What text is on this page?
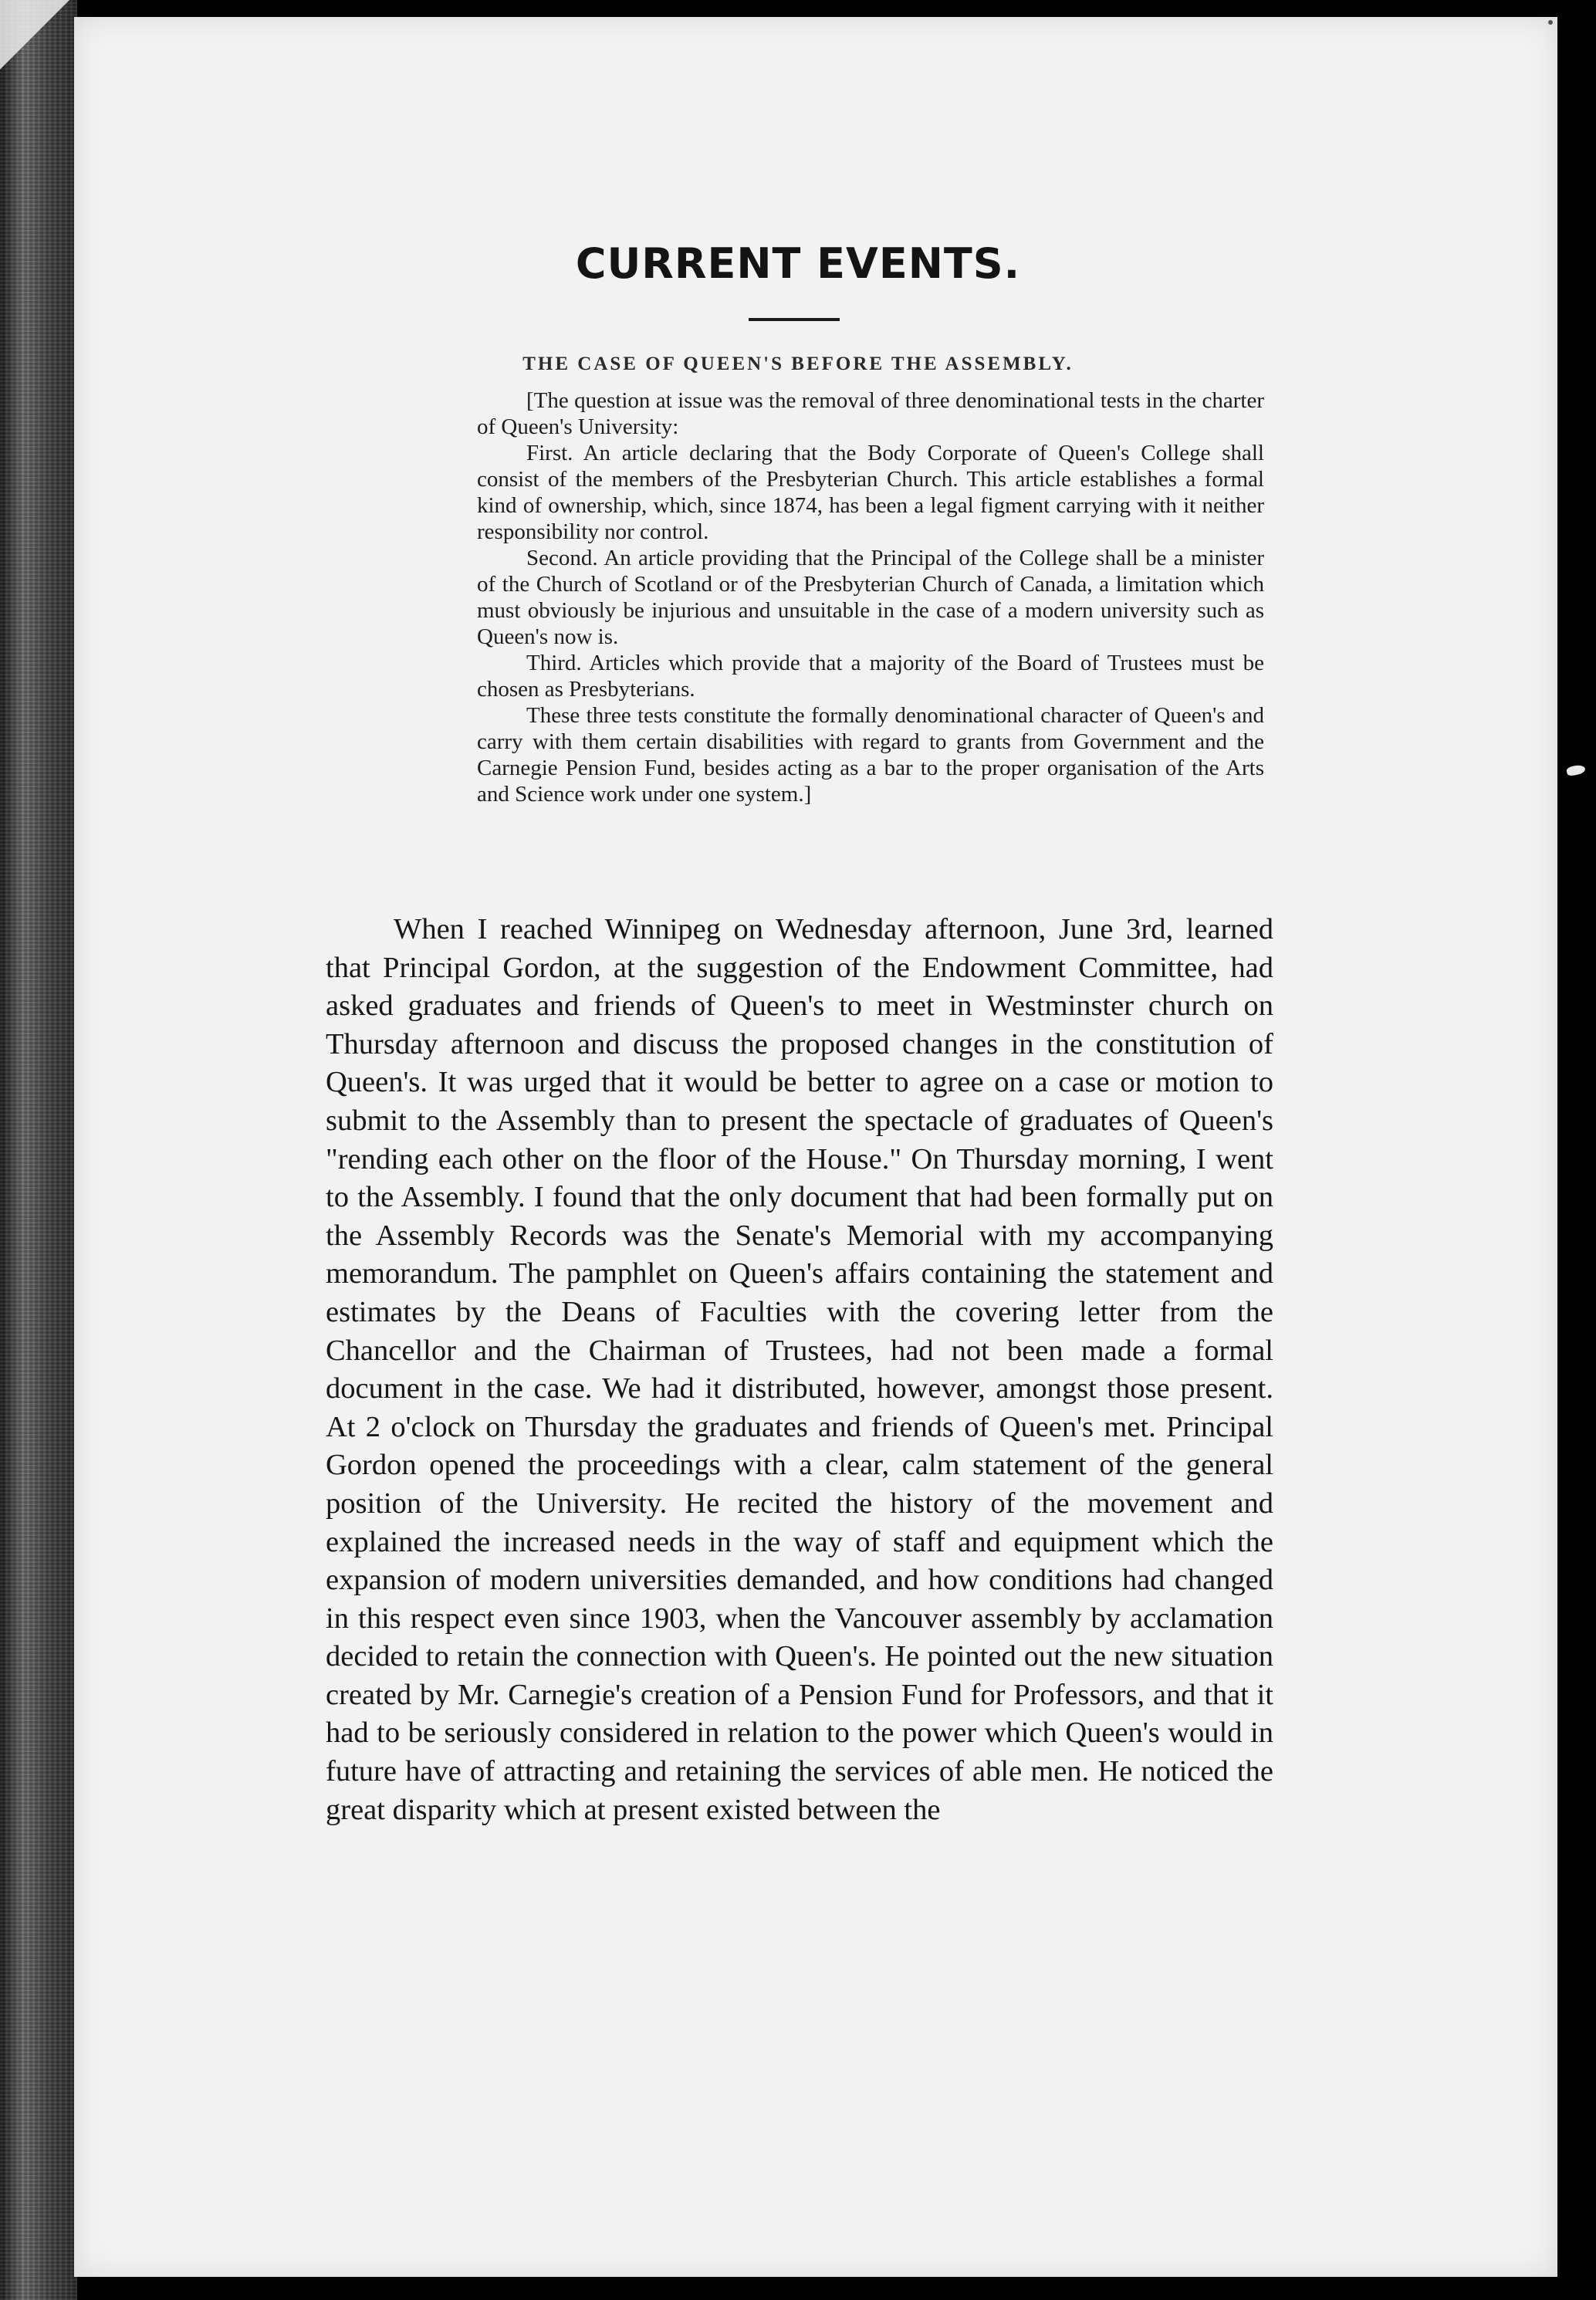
CURRENT EVENTS.
THE CASE OF QUEEN'S BEFORE THE ASSEMBLY.

[The question at issue was the removal of three denominational tests in the charter of Queen's University:

First. An article declaring that the Body Corporate of Queen's College shall consist of the members of the Presbyterian Church. This article establishes a formal kind of ownership, which, since 1874, has been a legal figment carrying with it neither responsibility nor control.

Second. An article providing that the Principal of the College shall be a minister of the Church of Scotland or of the Presbyterian Church of Canada, a limitation which must obviously be injurious and unsuitable in the case of a modern university such as Queen's now is.

Third. Articles which provide that a majority of the Board of Trustees must be chosen as Presbyterians.

These three tests constitute the formally denominational character of Queen's and carry with them certain disabilities with regard to grants from Government and the Carnegie Pension Fund, besides acting as a bar to the proper organisation of the Arts and Science work under one system.]

When I reached Winnipeg on Wednesday afternoon, June 3rd, learned that Principal Gordon, at the suggestion of the Endowment Committee, had asked graduates and friends of Queen's to meet in Westminster church on Thursday afternoon and discuss the proposed changes in the constitution of Queen's. It was urged that it would be better to agree on a case or motion to submit to the Assembly than to present the spectacle of graduates of Queen's "rending each other on the floor of the House." On Thursday morning, I went to the Assembly. I found that the only document that had been formally put on the Assembly Records was the Senate's Memorial with my accompanying memorandum. The pamphlet on Queen's affairs containing the statement and estimates by the Deans of Faculties with the covering letter from the Chancellor and the Chairman of Trustees, had not been made a formal document in the case. We had it distributed, however, amongst those present. At 2 o'clock on Thursday the graduates and friends of Queen's met. Principal Gordon opened the proceedings with a clear, calm statement of the general position of the University. He recited the history of the movement and explained the increased needs in the way of staff and equipment which the expansion of modern universities demanded, and how conditions had changed in this respect even since 1903, when the Vancouver assembly by acclamation decided to retain the connection with Queen's. He pointed out the new situation created by Mr. Carnegie's creation of a Pension Fund for Professors, and that it had to be seriously considered in relation to the power which Queen's would in future have of attracting and retaining the services of able men. He noticed the great disparity which at present existed between the
